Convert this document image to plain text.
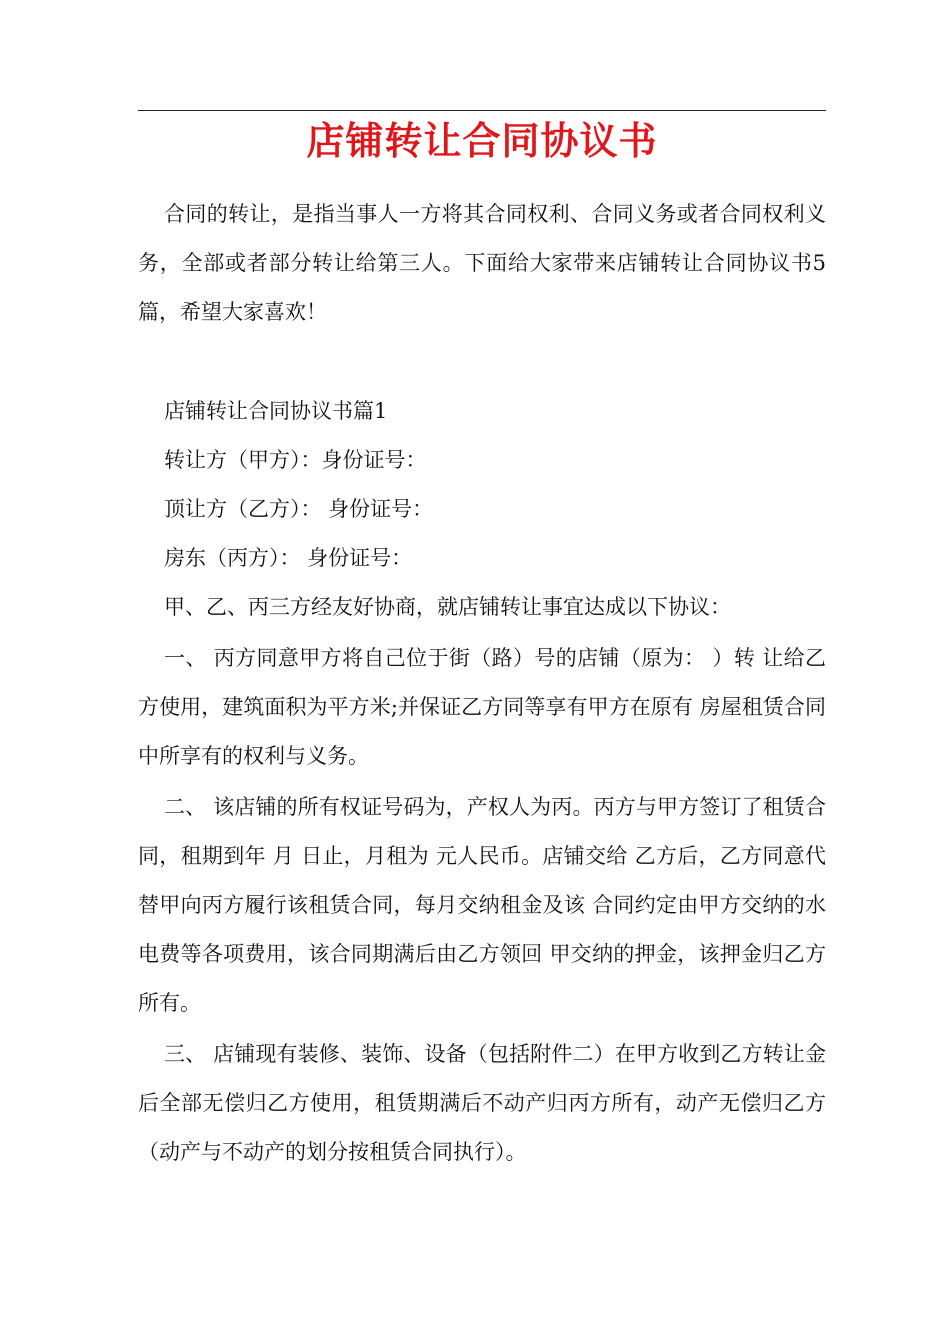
店铺转让合同协议书

合同的转让，是指当事人一方将其合同权利、合同义务或者合同权利义务，全部或者部分转让给第三人。下面给大家带来店铺转让合同协议书5篇，希望大家喜欢！

店铺转让合同协议书篇1

转让方（甲方）：身份证号：

顶让方（乙方）： 身份证号：

房东（丙方）： 身份证号：

甲、乙、丙三方经友好协商，就店铺转让事宜达成以下协议：

一、 丙方同意甲方将自己位于街（路）号的店铺（原为： ）转 让给乙方使用，建筑面积为平方米;并保证乙方同等享有甲方在原有 房屋租赁合同中所享有的权利与义务。

二、 该店铺的所有权证号码为，产权人为丙。丙方与甲方签订了租赁合同，租期到年 月 日止，月租为 元人民币。店铺交给 乙方后，乙方同意代替甲向丙方履行该租赁合同，每月交纳租金及该 合同约定由甲方交纳的水电费等各项费用，该合同期满后由乙方领回 甲交纳的押金，该押金归乙方所有。

三、 店铺现有装修、装饰、设备（包括附件二）在甲方收到乙方转让金后全部无偿归乙方使用，租赁期满后不动产归丙方所有，动产无偿归乙方（动产与不动产的划分按租赁合同执行）。
